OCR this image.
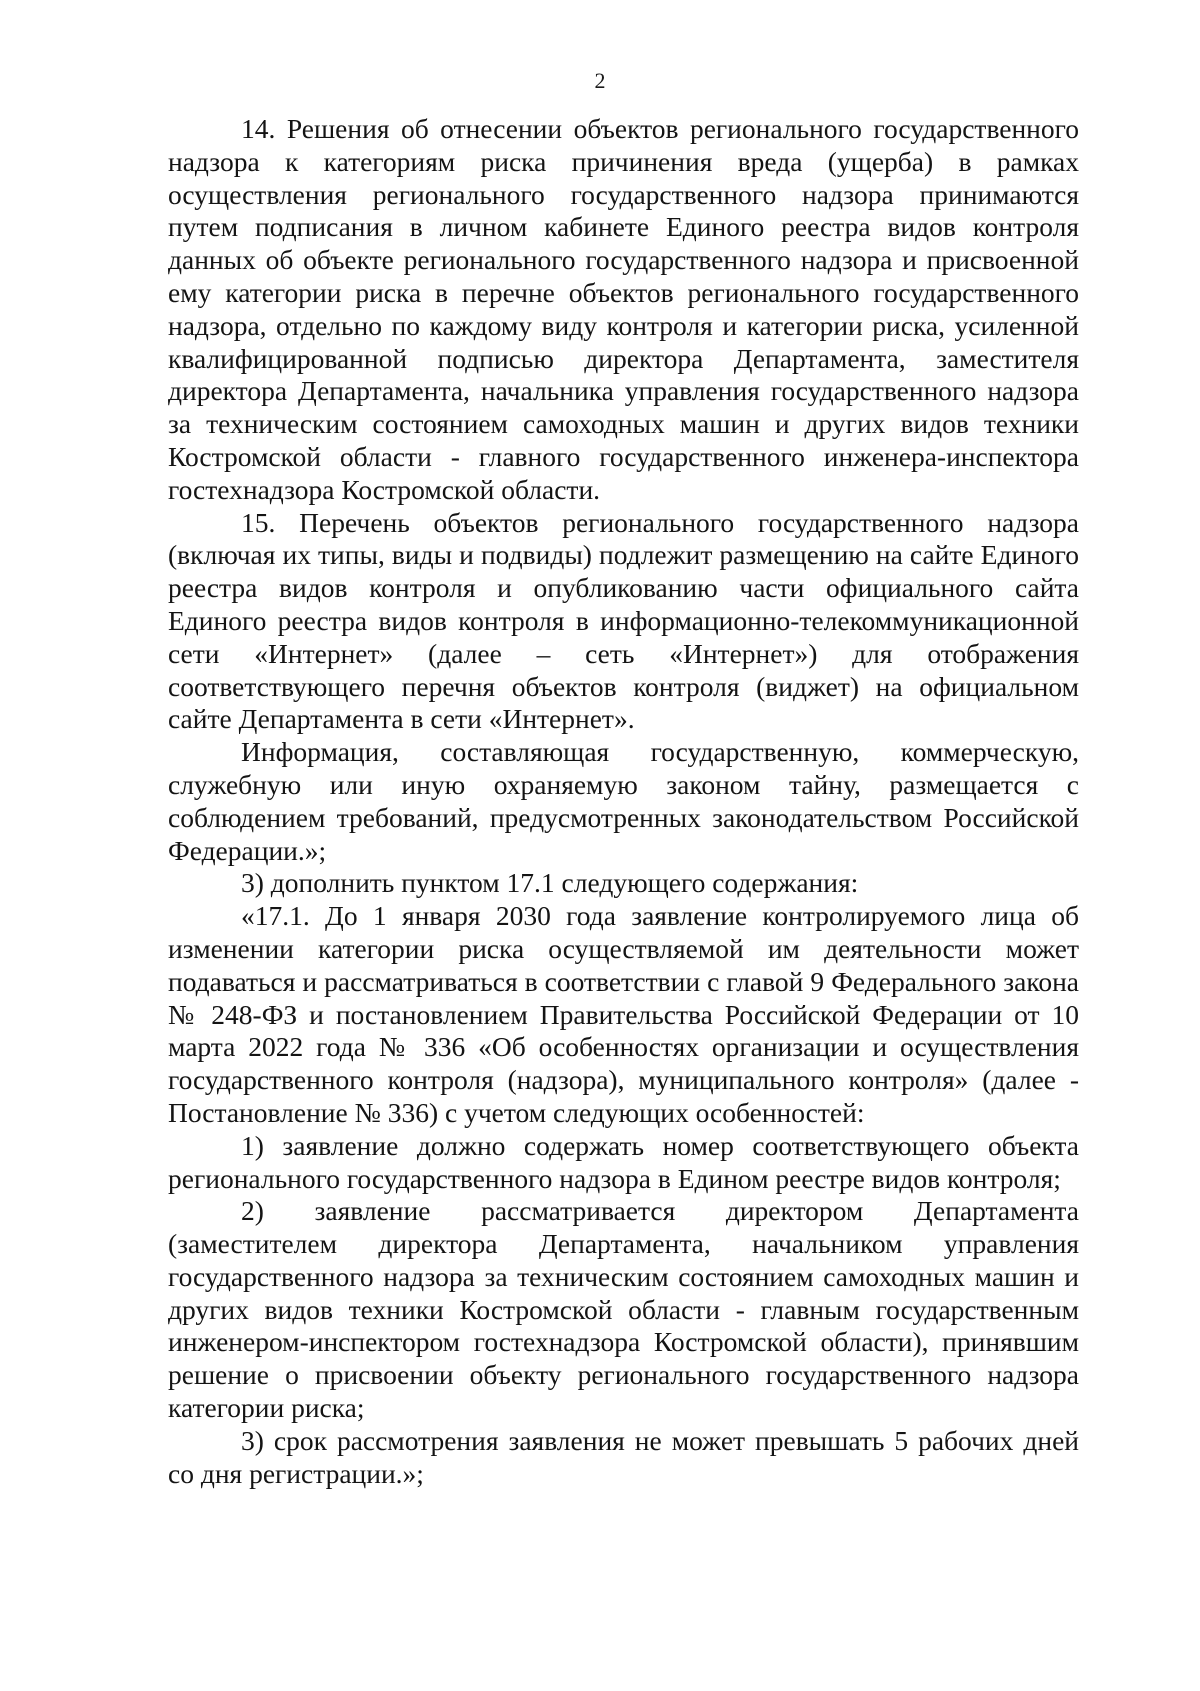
2

14. Решения об отнесении объектов регионального государственного надзора к категориям риска причинения вреда (ущерба) в рамках осуществления регионального государственного надзора принимаются путем подписания в личном кабинете Единого реестра видов контроля данных об объекте регионального государственного надзора и присвоенной ему категории риска в перечне объектов регионального государственного надзора, отдельно по каждому виду контроля и категории риска, усиленной квалифицированной подписью директора Департамента, заместителя директора Департамента, начальника управления государственного надзора за техническим состоянием самоходных машин и других видов техники Костромской области - главного государственного инженера-инспектора гостехнадзора Костромской области.

15. Перечень объектов регионального государственного надзора (включая их типы, виды и подвиды) подлежит размещению на сайте Единого реестра видов контроля и опубликованию части официального сайта Единого реестра видов контроля в информационно-телекоммуникационной сети «Интернет» (далее – сеть «Интернет») для отображения соответствующего перечня объектов контроля (виджет) на официальном сайте Департамента в сети «Интернет».

Информация, составляющая государственную, коммерческую, служебную или иную охраняемую законом тайну, размещается с соблюдением требований, предусмотренных законодательством Российской Федерации.»;

3) дополнить пунктом 17.1 следующего содержания:

«17.1. До 1 января 2030 года заявление контролируемого лица об изменении категории риска осуществляемой им деятельности может подаваться и рассматриваться в соответствии с главой 9 Федерального закона № 248-ФЗ и постановлением Правительства Российской Федерации от 10 марта 2022 года № 336 «Об особенностях организации и осуществления государственного контроля (надзора), муниципального контроля» (далее - Постановление № 336) с учетом следующих особенностей:

1) заявление должно содержать номер соответствующего объекта регионального государственного надзора в Едином реестре видов контроля;

2) заявление рассматривается директором Департамента (заместителем директора Департамента, начальником управления государственного надзора за техническим состоянием самоходных машин и других видов техники Костромской области - главным государственным инженером-инспектором гостехнадзора Костромской области), принявшим решение о присвоении объекту регионального государственного надзора категории риска;

3) срок рассмотрения заявления не может превышать 5 рабочих дней со дня регистрации.»;
